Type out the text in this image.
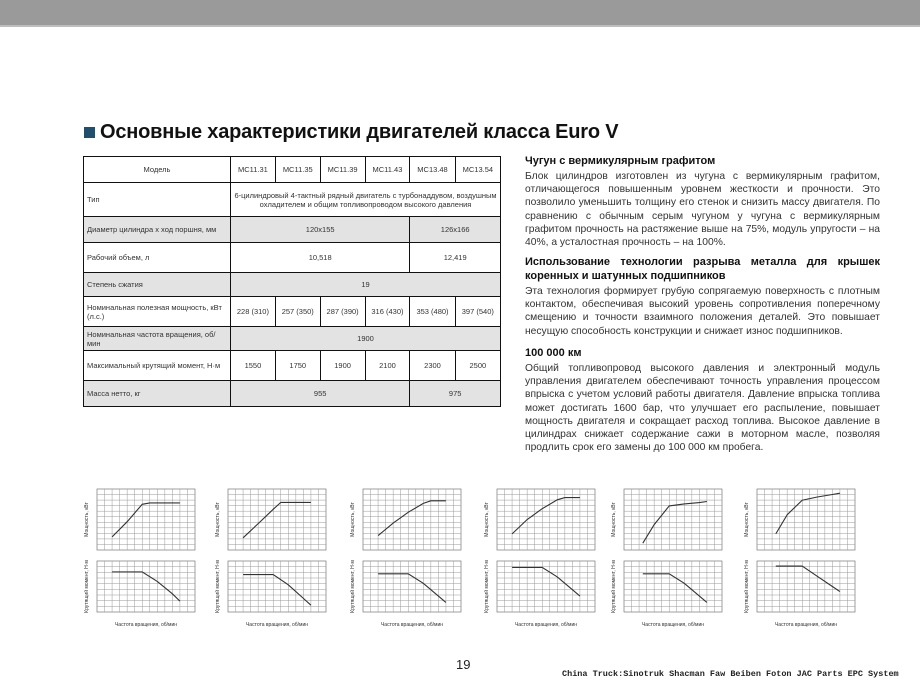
Основные характеристики двигателей класса Euro V
Модель	MC11.31	MC11.35	MC11.39	MC11.43	MC13.48	MC13.54
Тип	6-цилиндровый 4-тактный рядный двигатель с турбонаддувом, воздушным охладителем и общим топливопроводом высокого давления					
Диаметр цилиндра х ход поршня, мм	120x155				126x166	
Рабочий объем, л	10,518				12,419	
Степень сжатия	19					
Номинальная полезная мощность, кВт (л.с.)	228 (310)	257 (350)	287 (390)	316 (430)	353 (480)	397 (540)
Номинальная частота вращения, об/мин	1900					
Максимальный крутящий момент, Н·м	1550	1750	1900	2100	2300	2500
Масса нетто, кг	955				975	
Чугун с вермикулярным графитом

Блок цилиндров изготовлен из чугуна с вермикулярным графитом, отличающегося повышенным уровнем жесткости и прочности. Это позволило уменьшить толщину его стенок и снизить массу двигателя. По сравнению с обычным серым чугуном у чугуна с вермикулярным графитом прочность на растяжение выше на 75%, модуль упругости – на 40%, а усталостная прочность – на 100%.

Использование технологии разрыва металла для крышек коренных и шатунных подшипников

Эта технология формирует грубую сопрягаемую поверхность с плотным контактом, обеспечивая высокий уровень сопротивления поперечному смещению и точности взаимного положения деталей. Это повышает несущую способность конструкции и снижает износ подшипников.

100 000 км

Общий топливопровод высокого давления и электронный модуль управления двигателем обеспечивают точность управления процессом впрыска с учетом условий работы двигателя. Давление впрыска топлива может достигать 1600 бар, что улучшает его распыление, повышает мощность двигателя и сокращает расход топлива. Высокое давление в цилиндрах снижает содержание сажи в моторном масле, позволяя продлить срок его замены до 100 000 км пробега.

Мощность, кВт
Крутящий момент, Н·м
Частота вращения, об/мин
Мощность, кВт
Крутящий момент, Н·м
Частота вращения, об/мин
Мощность, кВт
Крутящий момент, Н·м
Частота вращения, об/мин
Мощность, кВт
Крутящий момент, Н·м
Частота вращения, об/мин
Мощность, кВт
Крутящий момент, Н·м
Частота вращения, об/мин
Мощность, кВт
Крутящий момент, Н·м
Частота вращения, об/мин
19
China Truck:Sinotruk Shacman Faw Beiben Foton JAC Parts EPC System
